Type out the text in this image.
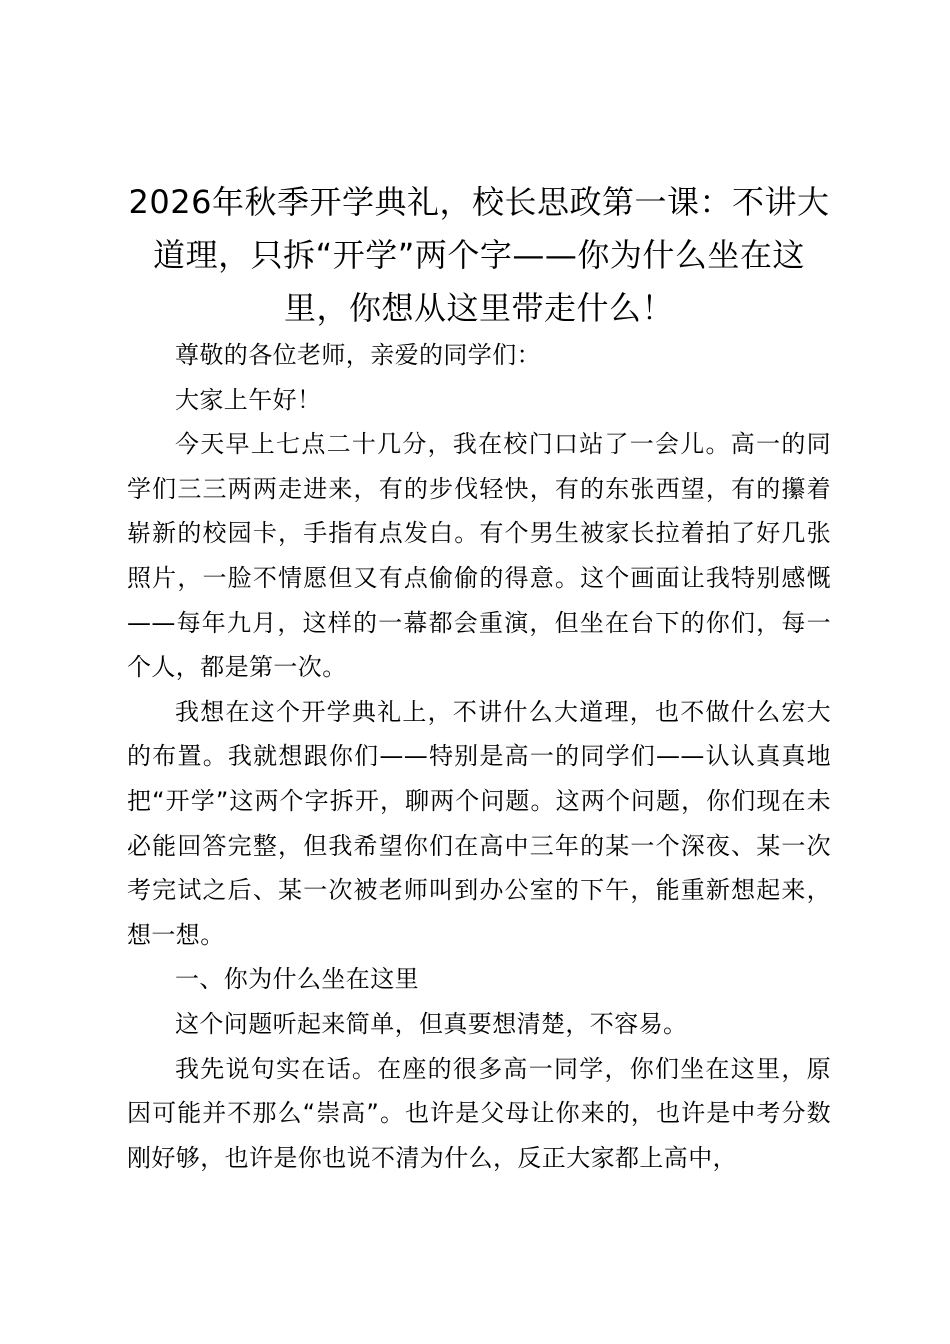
2026年秋季开学典礼，校长思政第一课：不讲大道理，只拆“开学”两个字——你为什么坐在这里，你想从这里带走什么！

尊敬的各位老师，亲爱的同学们：

大家上午好！

今天早上七点二十几分，我在校门口站了一会儿。高一的同学们三三两两走进来，有的步伐轻快，有的东张西望，有的攥着崭新的校园卡，手指有点发白。有个男生被家长拉着拍了好几张照片，一脸不情愿但又有点偷偷的得意。这个画面让我特别感慨——每年九月，这样的一幕都会重演，但坐在台下的你们，每一个人，都是第一次。

我想在这个开学典礼上，不讲什么大道理，也不做什么宏大的布置。我就想跟你们——特别是高一的同学们——认认真真地把“开学”这两个字拆开，聊两个问题。这两个问题，你们现在未必能回答完整，但我希望你们在高中三年的某一个深夜、某一次考完试之后、某一次被老师叫到办公室的下午，能重新想起来，想一想。

一、你为什么坐在这里

这个问题听起来简单，但真要想清楚，不容易。

我先说句实在话。在座的很多高一同学，你们坐在这里，原因可能并不那么“崇高”。也许是父母让你来的，也许是中考分数刚好够，也许是你也说不清为什么，反正大家都上高中，
